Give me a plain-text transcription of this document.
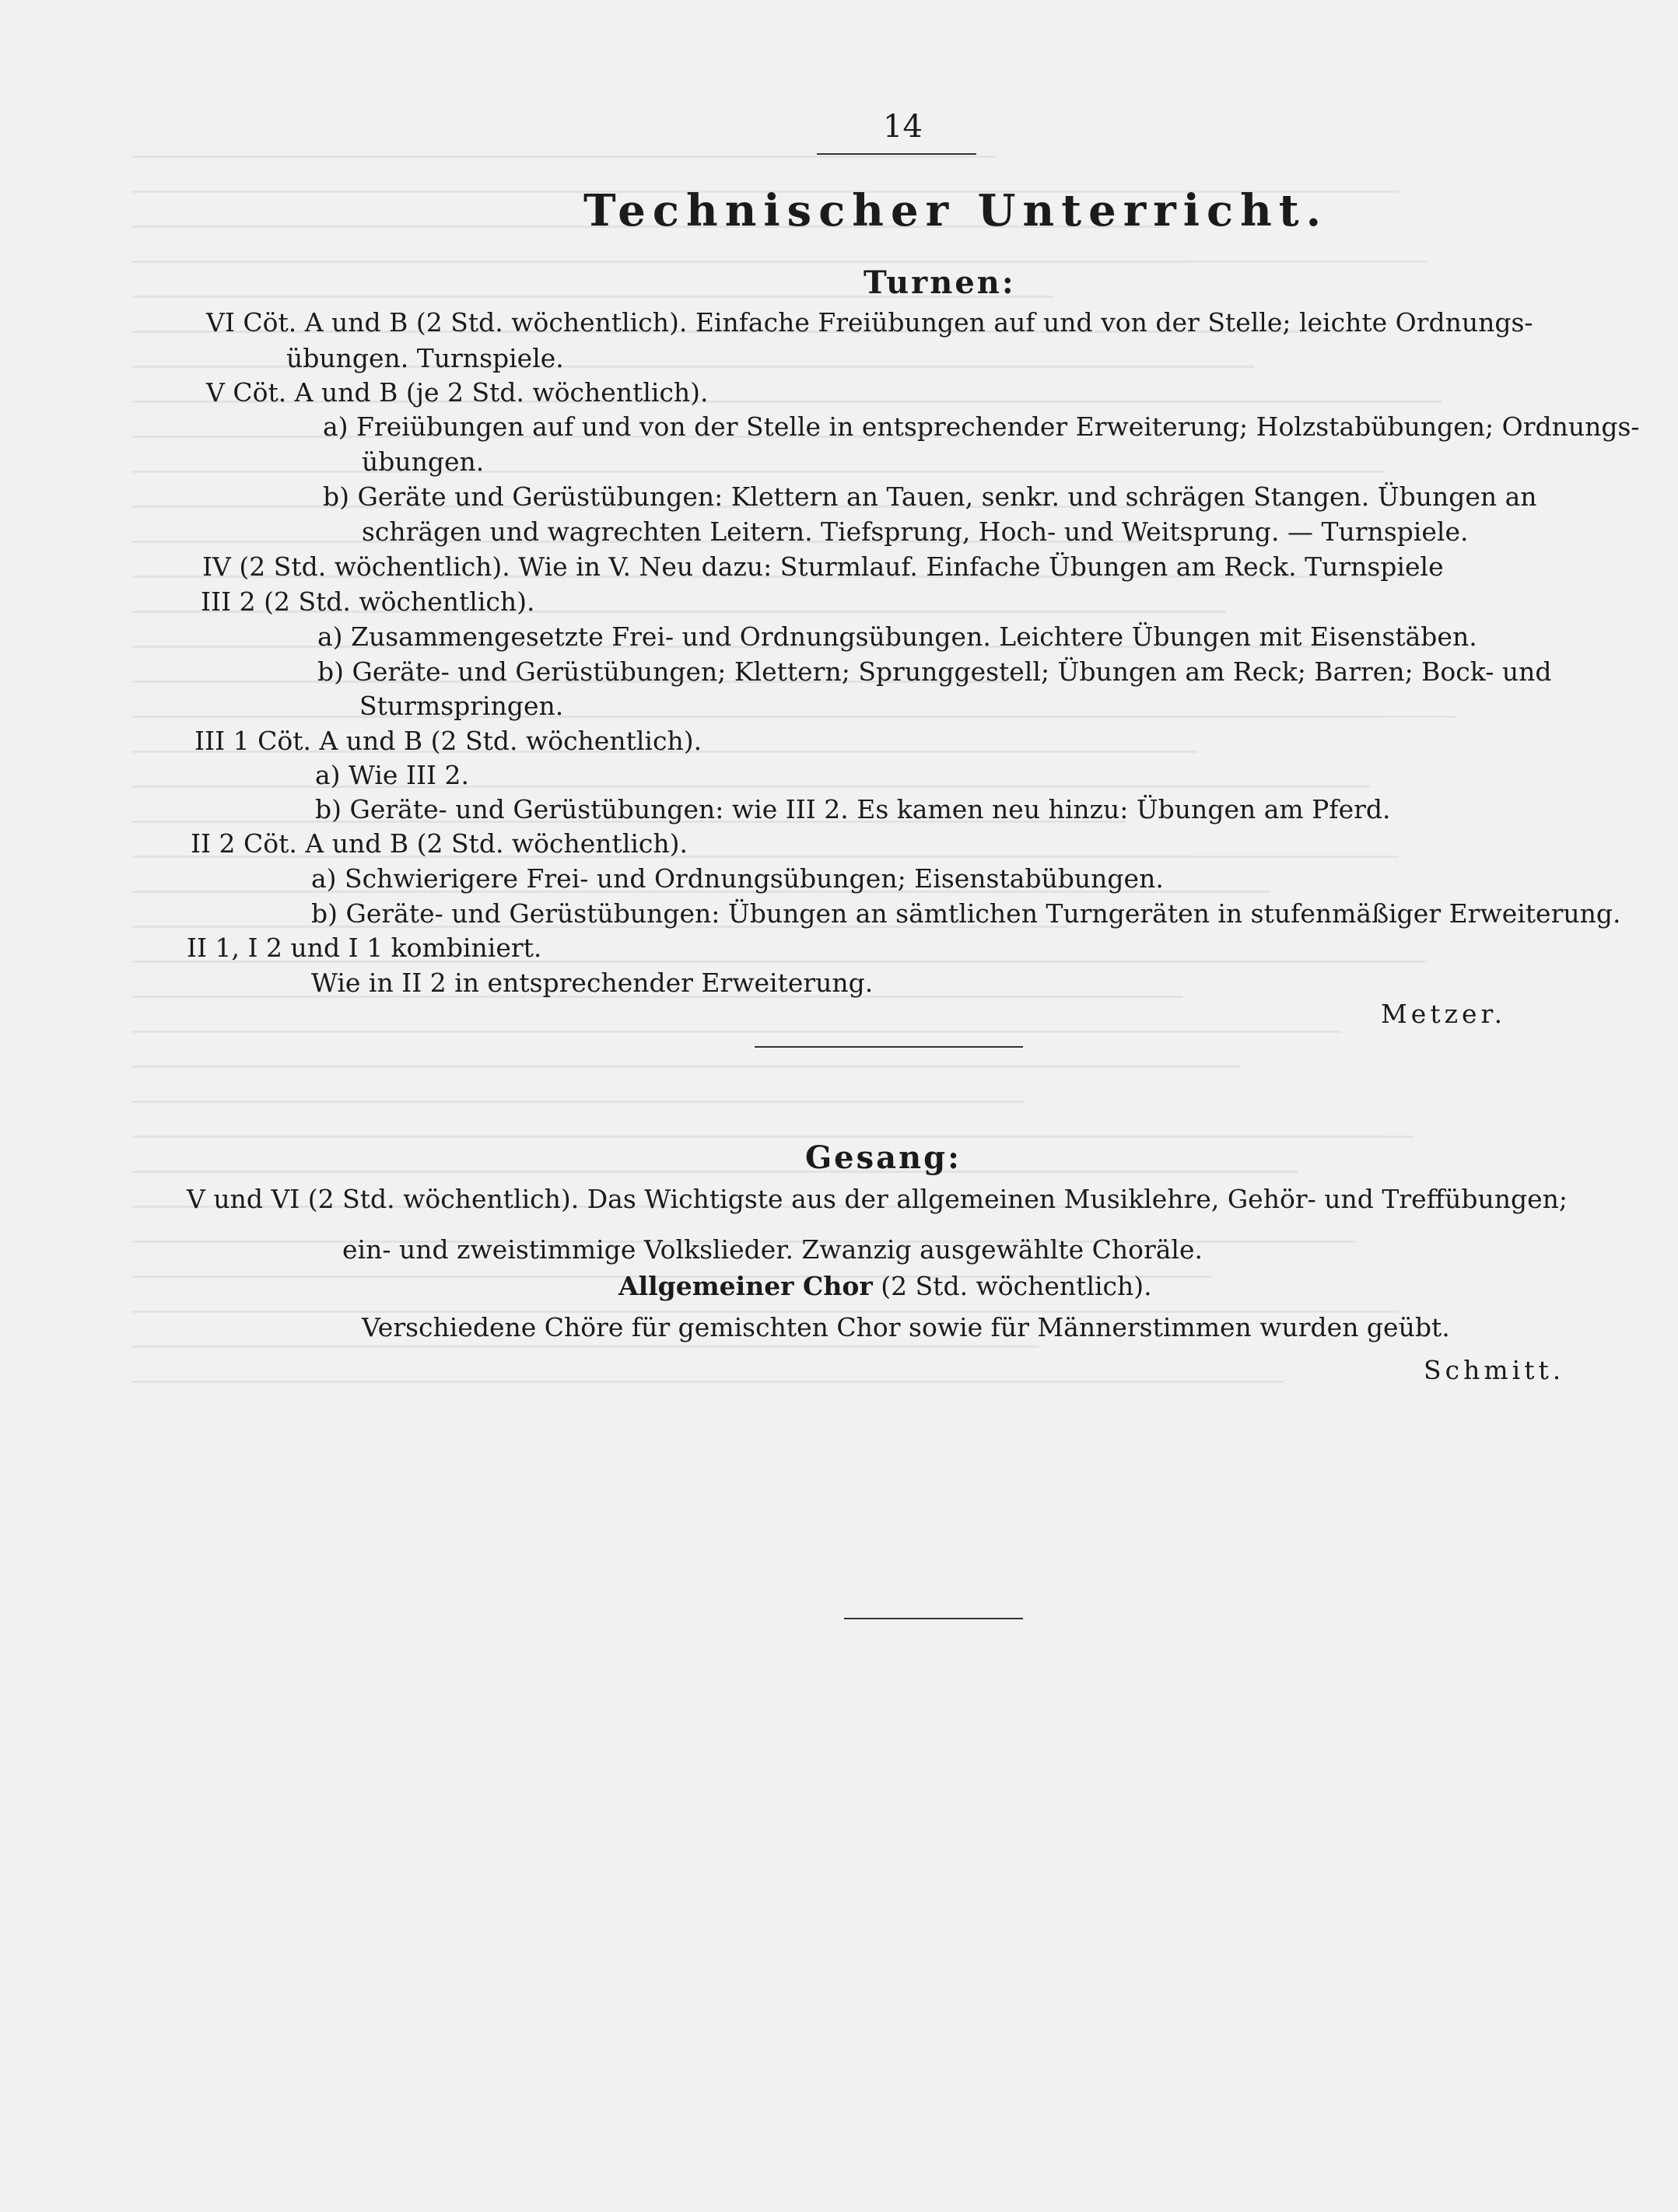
14
Technischer Unterricht.
Turnen:
VI Cöt. A und B (2 Std. wöchentlich). Einfache Freiübungen auf und von der Stelle; leichte Ordnungs-
übungen. Turnspiele.
V Cöt. A und B (je 2 Std. wöchentlich).
a) Freiübungen auf und von der Stelle in entsprechender Erweiterung; Holzstabübungen; Ordnungs-
übungen.
b) Geräte und Gerüstübungen: Klettern an Tauen, senkr. und schrägen Stangen. Übungen an
schrägen und wagrechten Leitern. Tiefsprung, Hoch- und Weitsprung. — Turnspiele.
IV (2 Std. wöchentlich). Wie in V. Neu dazu: Sturmlauf. Einfache Übungen am Reck. Turnspiele
III 2 (2 Std. wöchentlich).
a) Zusammengesetzte Frei- und Ordnungsübungen. Leichtere Übungen mit Eisenstäben.
b) Geräte- und Gerüstübungen; Klettern; Sprunggestell; Übungen am Reck; Barren; Bock- und
Sturmspringen.
III 1 Cöt. A und B (2 Std. wöchentlich).
a) Wie III 2.
b) Geräte- und Gerüstübungen: wie III 2. Es kamen neu hinzu: Übungen am Pferd.
II 2 Cöt. A und B (2 Std. wöchentlich).
a) Schwierigere Frei- und Ordnungsübungen; Eisenstabübungen.
b) Geräte- und Gerüstübungen: Übungen an sämtlichen Turngeräten in stufenmäßiger Erweiterung.
II 1, I 2 und I 1 kombiniert.
Wie in II 2 in entsprechender Erweiterung.
Metzer.
Gesang:
V und VI (2 Std. wöchentlich). Das Wichtigste aus der allgemeinen Musiklehre, Gehör- und Treffübungen;
ein- und zweistimmige Volkslieder. Zwanzig ausgewählte Choräle.
Allgemeiner Chor (2 Std. wöchentlich).
Verschiedene Chöre für gemischten Chor sowie für Männerstimmen wurden geübt.
Schmitt.
